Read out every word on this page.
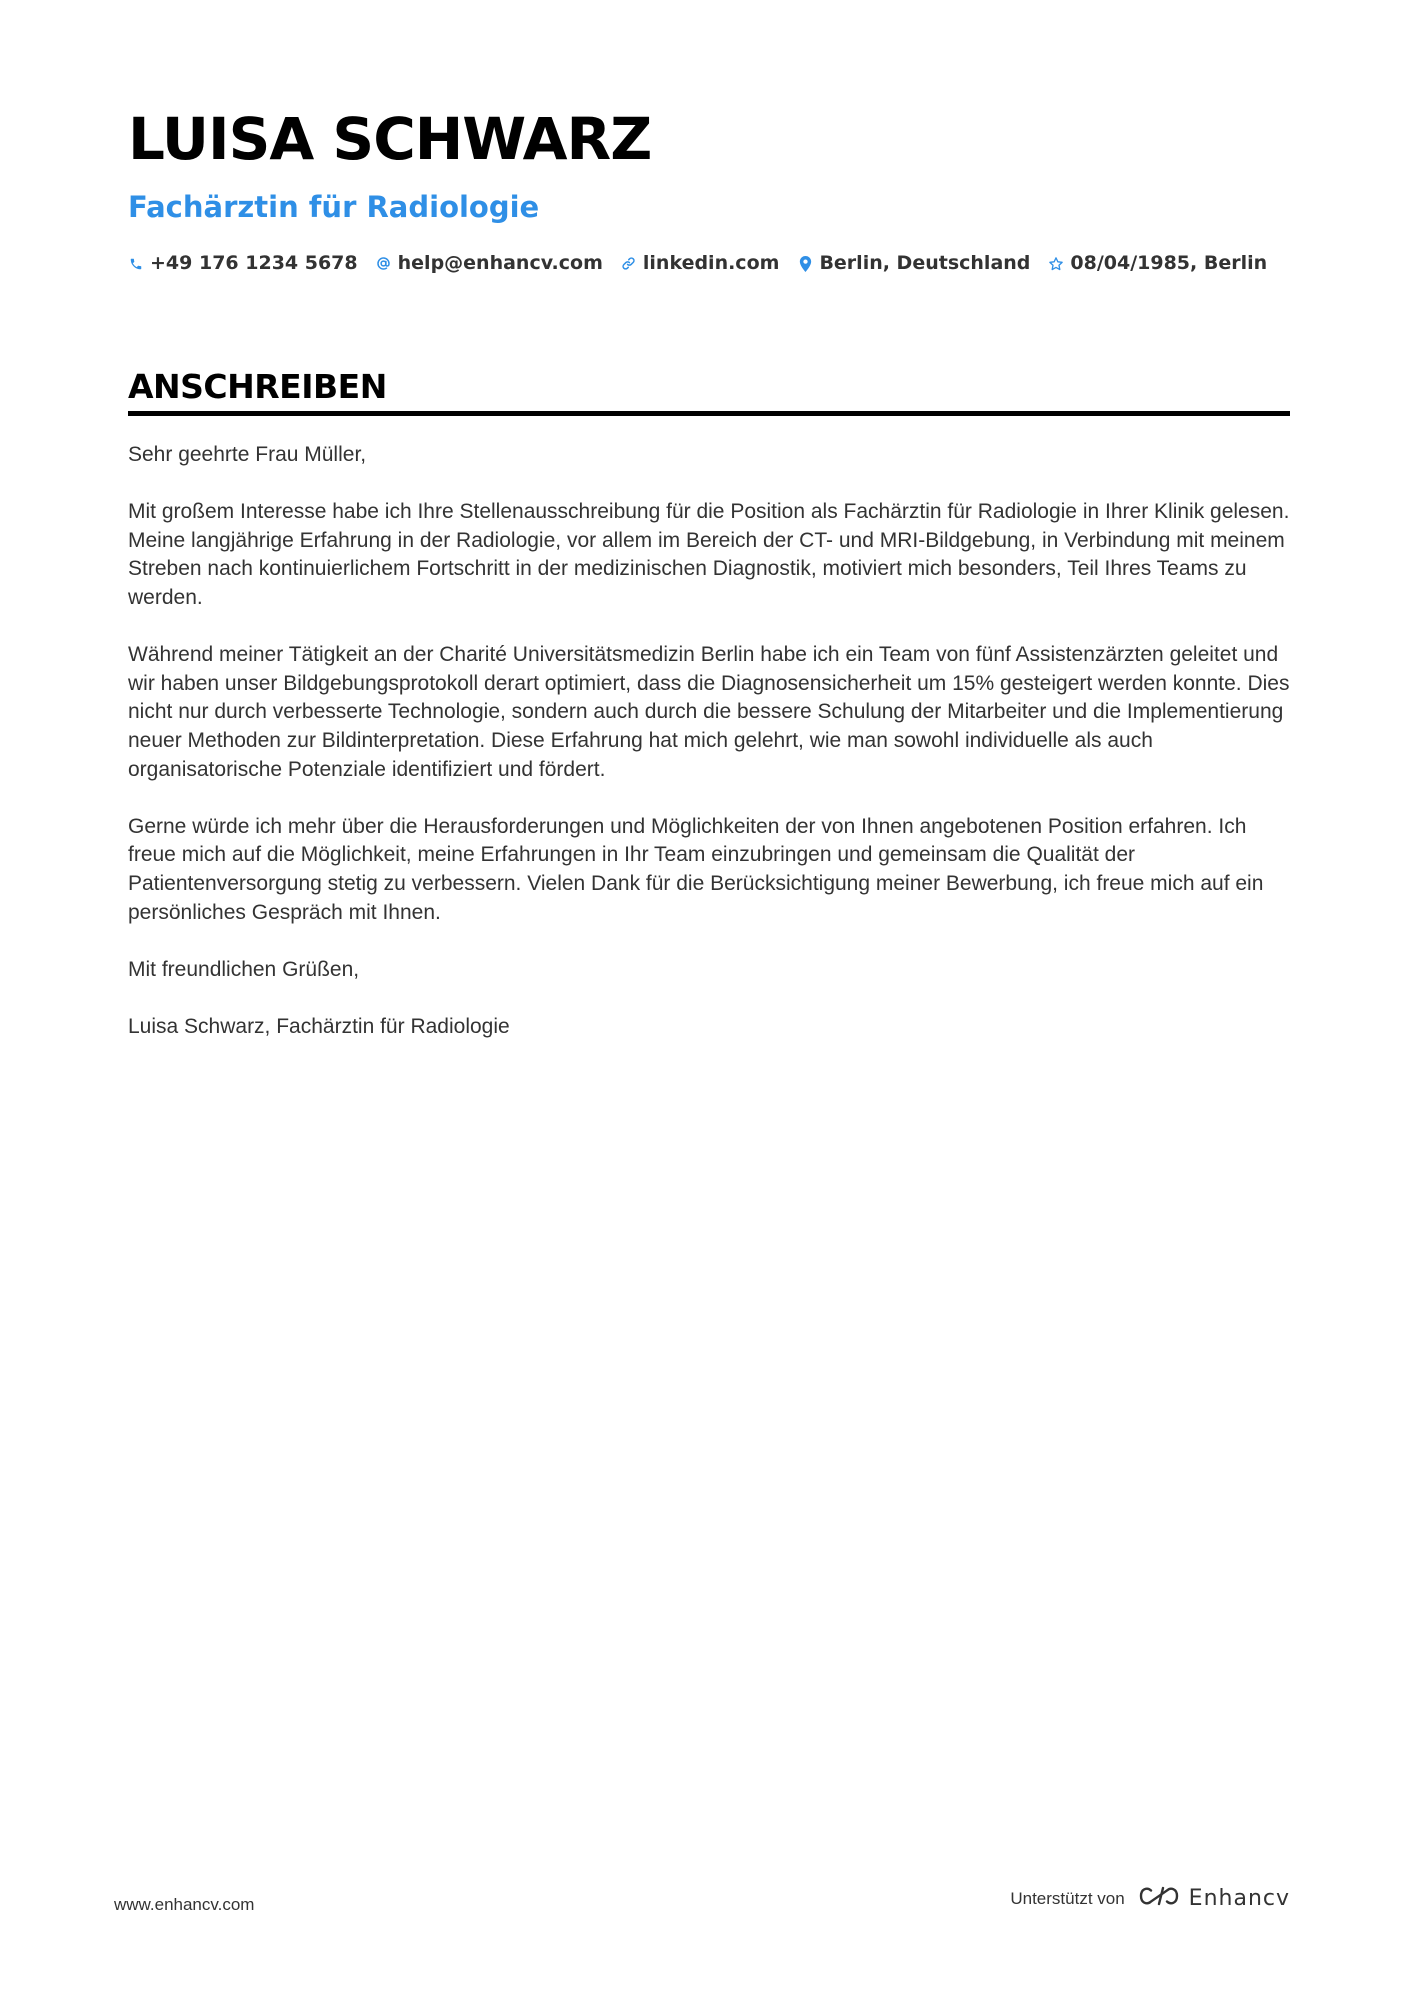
LUISA SCHWARZ
Fachärztin für Radiologie
+49 176 1234 5678 help@enhancv.com linkedin.com Berlin, Deutschland 08/04/1985, Berlin
ANSCHREIBEN

Sehr geehrte Frau Müller,

Mit großem Interesse habe ich Ihre Stellenausschreibung für die Position als Fachärztin für Radiologie in Ihrer Klinik gelesen. Meine langjährige Erfahrung in der Radiologie, vor allem im Bereich der CT- und MRI-Bildgebung, in Verbindung mit meinem Streben nach kontinuierlichem Fortschritt in der medizinischen Diagnostik, motiviert mich besonders, Teil Ihres Teams zu werden.

Während meiner Tätigkeit an der Charité Universitätsmedizin Berlin habe ich ein Team von fünf Assistenzärzten geleitet und wir haben unser Bildgebungsprotokoll derart optimiert, dass die Diagnosensicherheit um 15% gesteigert werden konnte. Dies nicht nur durch verbesserte Technologie, sondern auch durch die bessere Schulung der Mitarbeiter und die Implementierung neuer Methoden zur Bildinterpretation. Diese Erfahrung hat mich gelehrt, wie man sowohl individuelle als auch organisatorische Potenziale identifiziert und fördert.

Gerne würde ich mehr über die Herausforderungen und Möglichkeiten der von Ihnen angebotenen Position erfahren. Ich freue mich auf die Möglichkeit, meine Erfahrungen in Ihr Team einzubringen und gemeinsam die Qualität der Patientenversorgung stetig zu verbessern. Vielen Dank für die Berücksichtigung meiner Bewerbung, ich freue mich auf ein persönliches Gespräch mit Ihnen.

Mit freundlichen Grüßen,

Luisa Schwarz, Fachärztin für Radiologie

www.enhancv.com	Unterstützt von	Enhancv
